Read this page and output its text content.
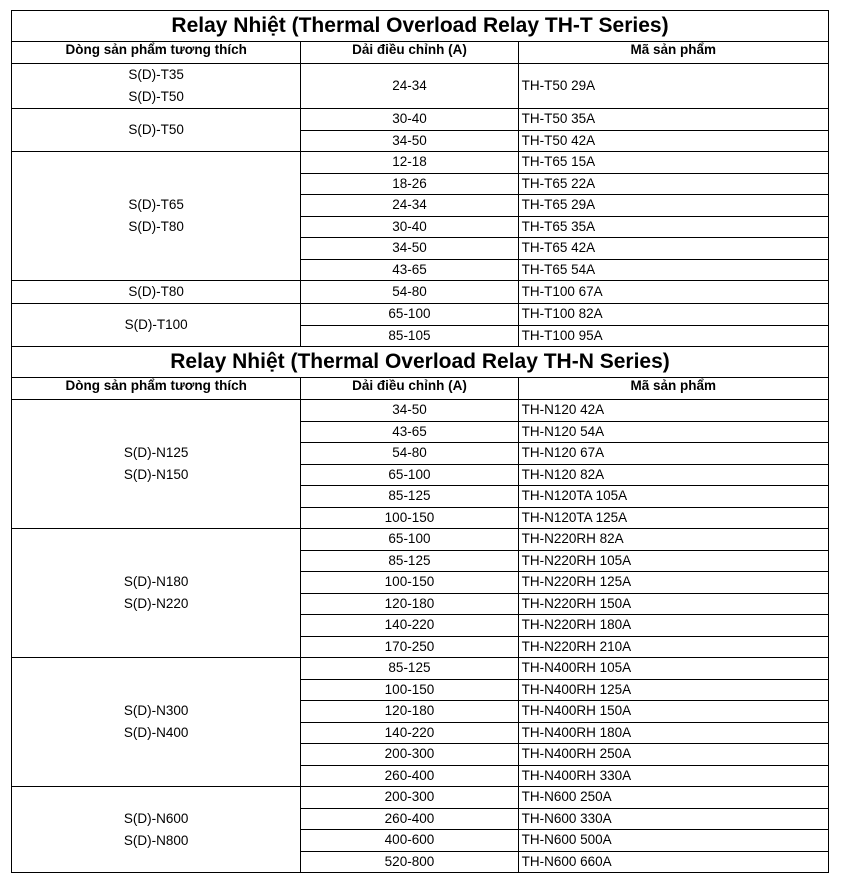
Relay Nhiệt (Thermal Overload Relay TH-T Series)		
Dòng sản phẩm tương thích	Dải điều chỉnh (A)	Mã sản phẩm

S(D)-T35
S(D)-T50	24-34	TH-T50 29A

S(D)-T50	30-40	TH-T50 35A
	34-50	TH-T50 42A

S(D)-T65
S(D)-T80	12-18	TH-T65 15A
	18-26	TH-T65 22A
	24-34	TH-T65 29A
	30-40	TH-T65 35A
	34-50	TH-T65 42A
	43-65	TH-T65 54A

S(D)-T80	54-80	TH-T100 67A

S(D)-T100	65-100	TH-T100 82A
	85-105	TH-T100 95A
Relay Nhiệt (Thermal Overload Relay TH-N Series)		
Dòng sản phẩm tương thích	Dải điều chỉnh (A)	Mã sản phẩm

S(D)-N125
S(D)-N150	34-50	TH-N120 42A
	43-65	TH-N120 54A
	54-80	TH-N120 67A
	65-100	TH-N120 82A
	85-125	TH-N120TA 105A
	100-150	TH-N120TA 125A

S(D)-N180
S(D)-N220	65-100	TH-N220RH 82A
	85-125	TH-N220RH 105A
	100-150	TH-N220RH 125A
	120-180	TH-N220RH 150A
	140-220	TH-N220RH 180A
	170-250	TH-N220RH 210A

S(D)-N300
S(D)-N400	85-125	TH-N400RH 105A
	100-150	TH-N400RH 125A
	120-180	TH-N400RH 150A
	140-220	TH-N400RH 180A
	200-300	TH-N400RH 250A
	260-400	TH-N400RH 330A

S(D)-N600
S(D)-N800	200-300	TH-N600 250A
	260-400	TH-N600 330A
	400-600	TH-N600 500A
	520-800	TH-N600 660A
